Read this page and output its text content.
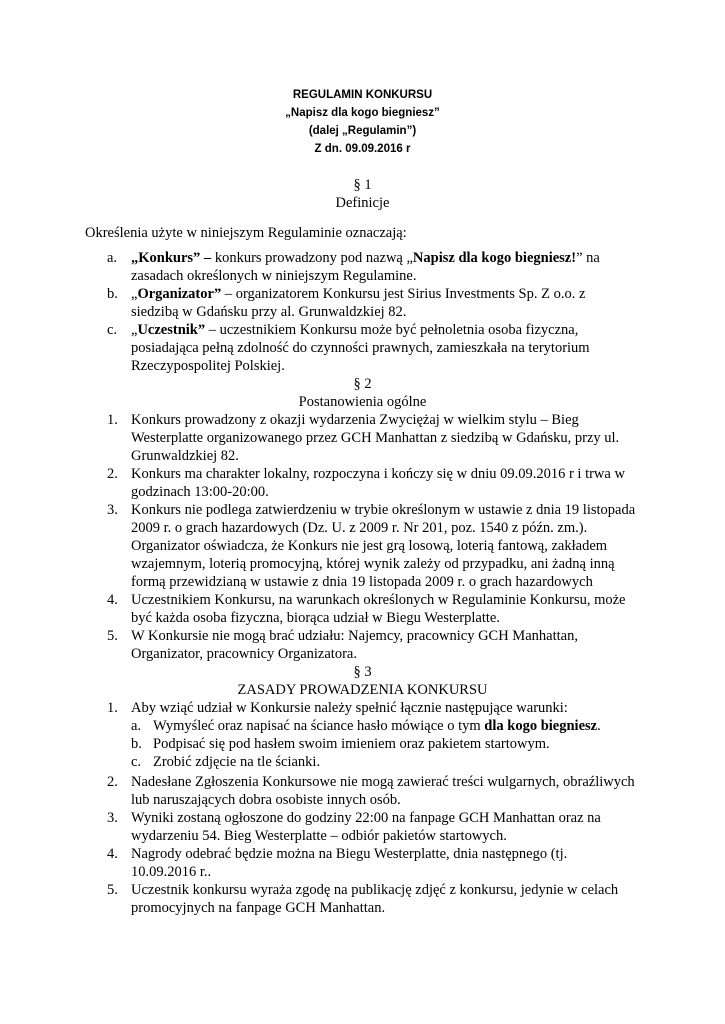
REGULAMIN KONKURSU
„Napisz dla kogo biegniesz”
(dalej „Regulamin”)
Z dn. 09.09.2016 r
§ 1
Definicje
Określenia użyte w niniejszym Regulaminie oznaczają:
a. „Konkurs” – konkurs prowadzony pod nazwą „Napisz dla kogo biegniesz!” na
zasadach określonych w niniejszym Regulamine.
b. „Organizator” – organizatorem Konkursu jest Sirius Investments Sp. Z o.o. z
siedzibą w Gdańsku przy al. Grunwaldzkiej 82.
c. „Uczestnik” – uczestnikiem Konkursu może być pełnoletnia osoba fizyczna,
posiadająca pełną zdolność do czynności prawnych, zamieszkała na terytorium
Rzeczypospolitej Polskiej.
§ 2
Postanowienia ogólne
1. Konkurs prowadzony z okazji wydarzenia Zwyciężaj w wielkim stylu – Bieg
Westerplatte organizowanego przez GCH Manhattan z siedzibą w Gdańsku, przy ul.
Grunwaldzkiej 82.
2. Konkurs ma charakter lokalny, rozpoczyna i kończy się w dniu 09.09.2016 r i trwa w
godzinach 13:00-20:00.
3. Konkurs nie podlega zatwierdzeniu w trybie określonym w ustawie z dnia 19 listopada
2009 r. o grach hazardowych (Dz. U. z 2009 r. Nr 201, poz. 1540 z późn. zm.).
Organizator oświadcza, że Konkurs nie jest grą losową, loterią fantową, zakładem
wzajemnym, loterią promocyjną, której wynik zależy od przypadku, ani żadną inną
formą przewidzianą w ustawie z dnia 19 listopada 2009 r. o grach hazardowych
4. Uczestnikiem Konkursu, na warunkach określonych w Regulaminie Konkursu, może
być każda osoba fizyczna, biorąca udział w Biegu Westerplatte.
5. W Konkursie nie mogą brać udziału: Najemcy, pracownicy GCH Manhattan,
Organizator, pracownicy Organizatora.
§ 3
ZASADY PROWADZENIA KONKURSU
1. Aby wziąć udział w Konkursie należy spełnić łącznie następujące warunki:
a. Wymyśleć oraz napisać na ściance hasło mówiące o tym dla kogo biegniesz.
b. Podpisać się pod hasłem swoim imieniem oraz pakietem startowym.
c. Zrobić zdjęcie na tle ścianki.
2. Nadesłane Zgłoszenia Konkursowe nie mogą zawierać treści wulgarnych, obraźliwych
lub naruszających dobra osobiste innych osób.
3. Wyniki zostaną ogłoszone do godziny 22:00 na fanpage GCH Manhattan oraz na
wydarzeniu 54. Bieg Westerplatte – odbiór pakietów startowych.
4. Nagrody odebrać będzie można na Biegu Westerplatte, dnia następnego (tj.
10.09.2016 r..
5. Uczestnik konkursu wyraża zgodę na publikację zdjęć z konkursu, jedynie w celach
promocyjnych na fanpage GCH Manhattan.
